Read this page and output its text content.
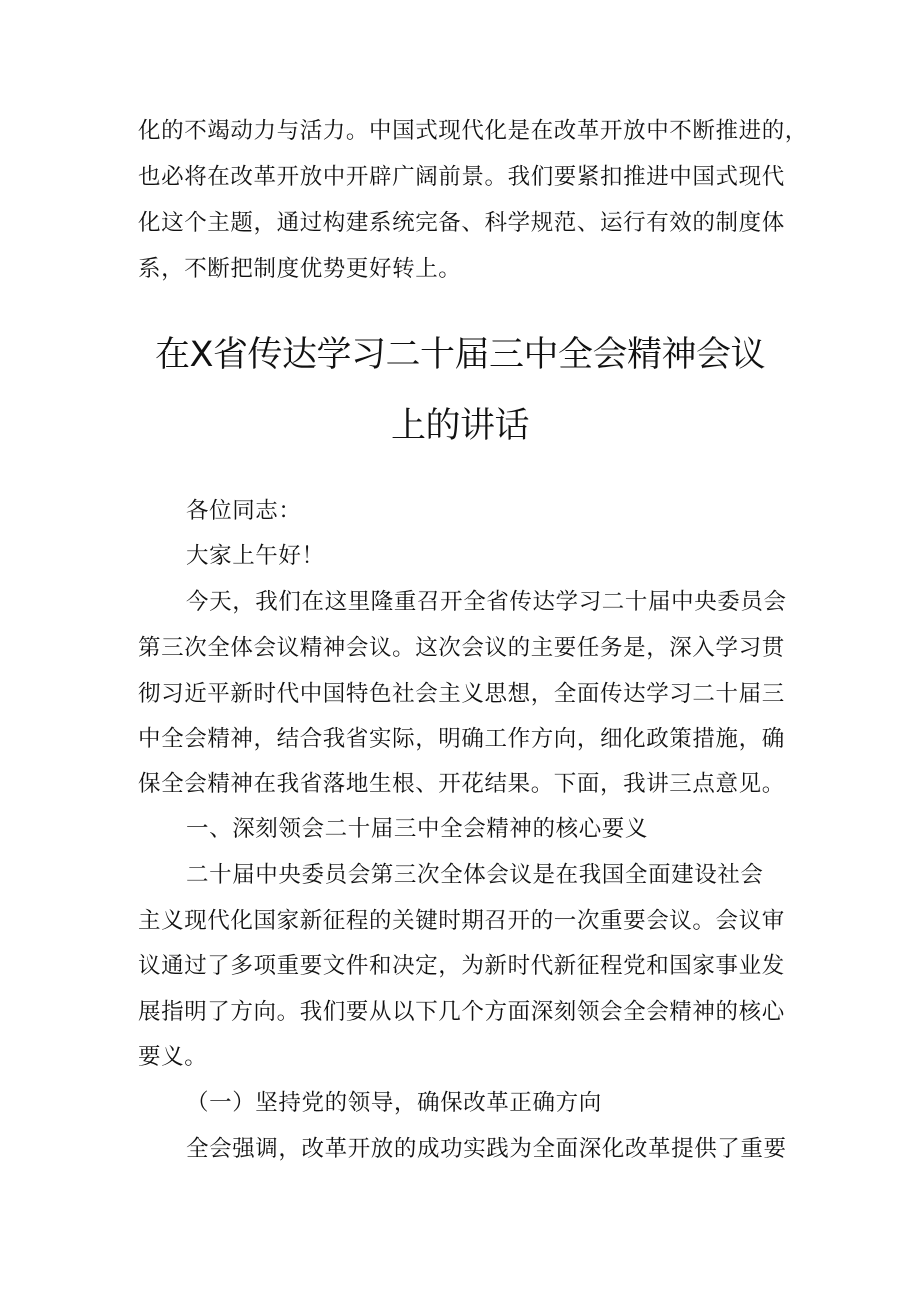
化的不竭动力与活力。中国式现代化是在改革开放中不断推进的，
也必将在改革开放中开辟广阔前景。我们要紧扣推进中国式现代
化这个主题，通过构建系统完备、科学规范、运行有效的制度体
系，不断把制度优势更好转上。
在X省传达学习二十届三中全会精神会议
上的讲话
各位同志：
大家上午好！
今天，我们在这里隆重召开全省传达学习二十届中央委员会
第三次全体会议精神会议。这次会议的主要任务是，深入学习贯
彻习近平新时代中国特色社会主义思想，全面传达学习二十届三
中全会精神，结合我省实际，明确工作方向，细化政策措施，确
保全会精神在我省落地生根、开花结果。下面，我讲三点意见。
一、深刻领会二十届三中全会精神的核心要义
二十届中央委员会第三次全体会议是在我国全面建设社会
主义现代化国家新征程的关键时期召开的一次重要会议。会议审
议通过了多项重要文件和决定，为新时代新征程党和国家事业发
展指明了方向。我们要从以下几个方面深刻领会全会精神的核心
要义。
（一）坚持党的领导，确保改革正确方向
全会强调，改革开放的成功实践为全面深化改革提供了重要
